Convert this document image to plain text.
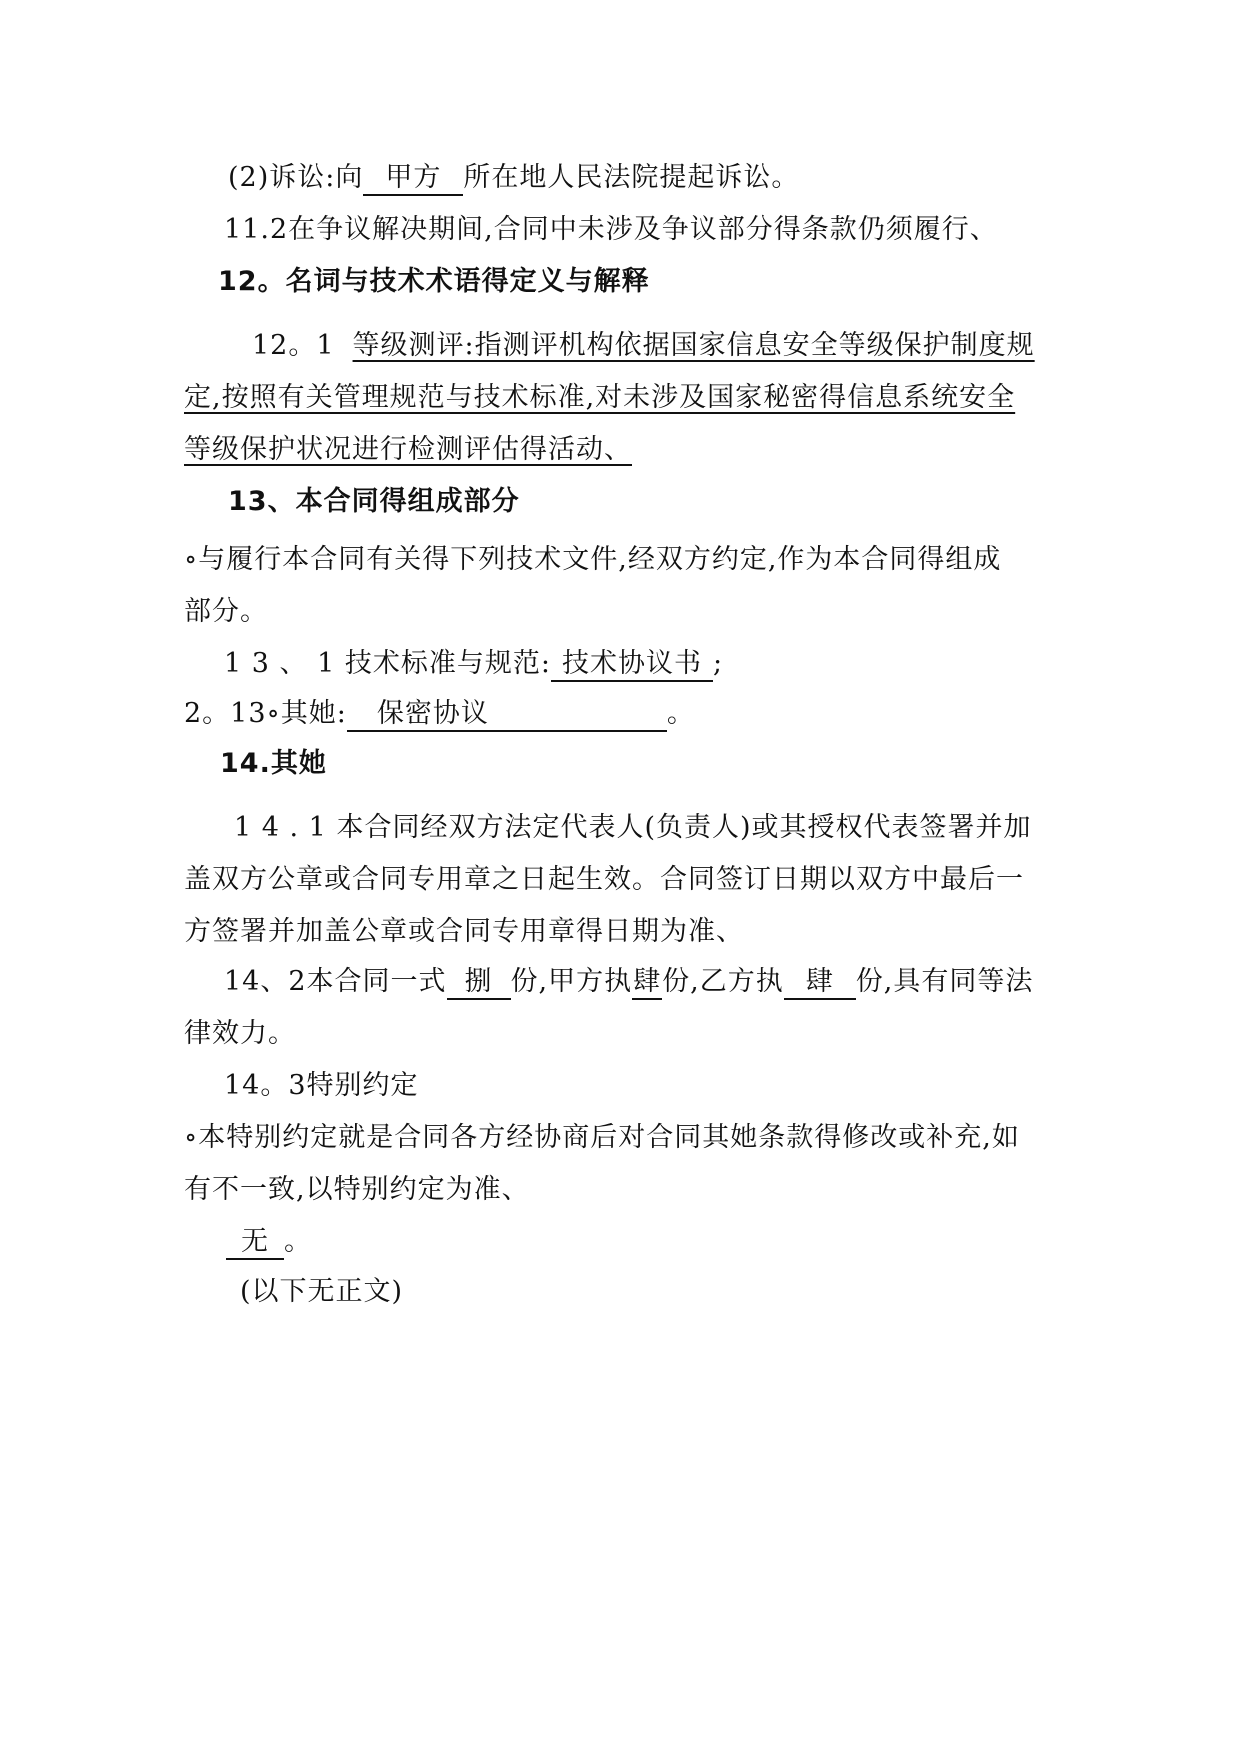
(2)诉讼:向 甲方 所在地人民法院提起诉讼。
11.2在争议解决期间,合同中未涉及争议部分得条款仍须履行、
12。名词与技术术语得定义与解释
12。1 等级测评:指测评机构依据国家信息安全等级保护制度规
定,按照有关管理规范与技术标准,对未涉及国家秘密得信息系统安全
等级保护状况进行检测评估得活动、
13、本合同得组成部分
∘与履行本合同有关得下列技术文件,经双方约定,作为本合同得组成
部分。
1 3 、 1 技术标准与规范: 技术协议书 ;
2。13∘其她: 保密协议	。
14.其她
1 4 . 1 本合同经双方法定代表人(负责人)或其授权代表签署并加
盖双方公章或合同专用章之日起生效。合同签订日期以双方中最后一
方签署并加盖公章或合同专用章得日期为准、
14、2本合同一式 捌 份,甲方执肆份,乙方执 肆 份,具有同等法
律效力。
14。3特别约定
∘本特别约定就是合同各方经协商后对合同其她条款得修改或补充,如
有不一致,以特别约定为准、
无 。
(以下无正文)
